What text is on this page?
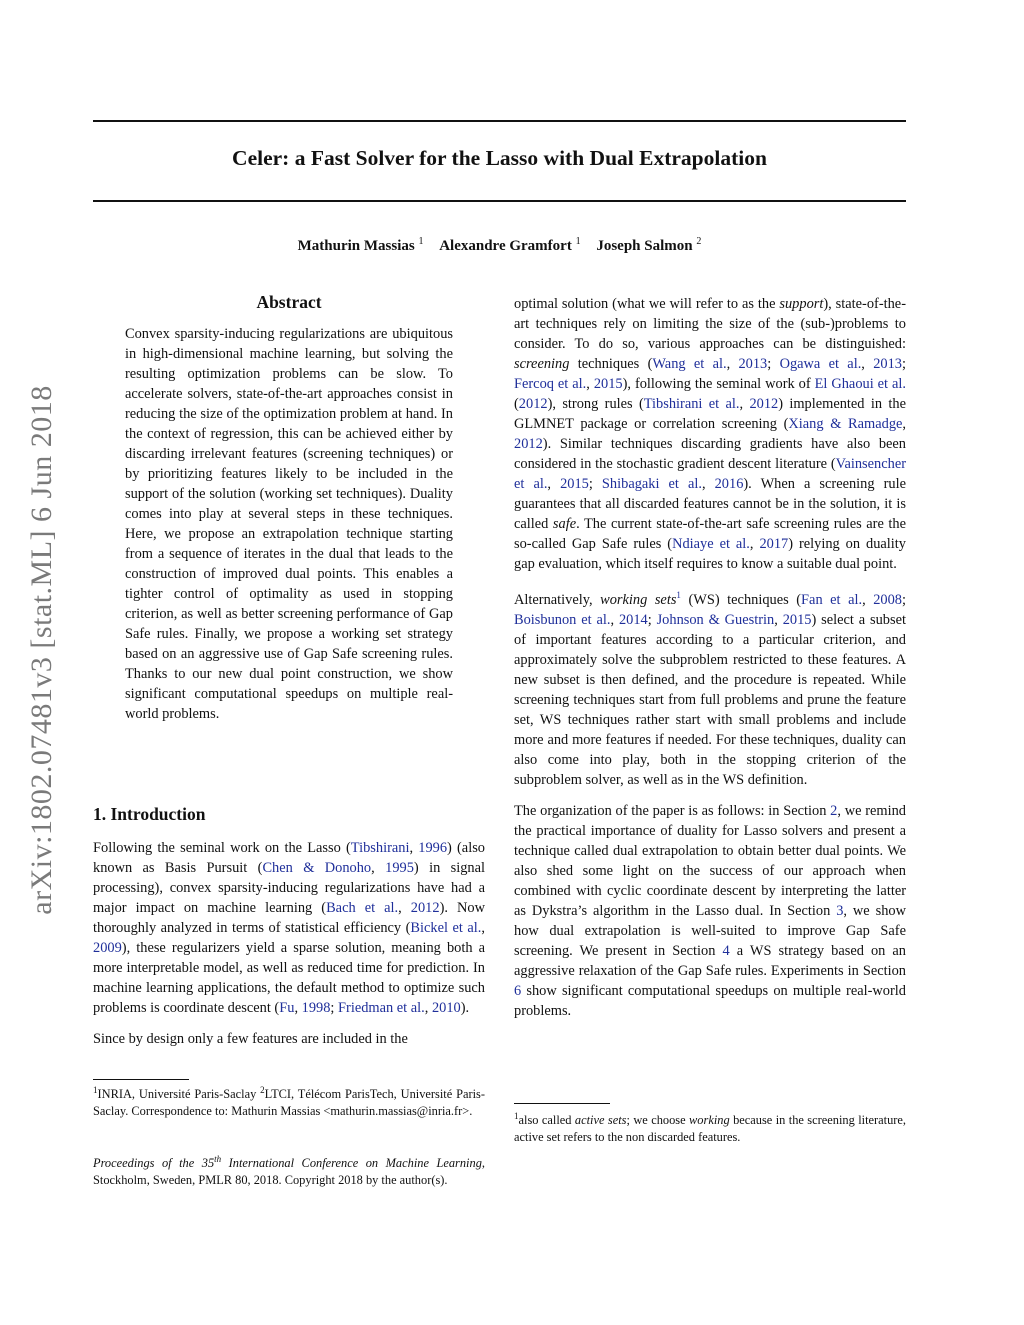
Celer: a Fast Solver for the Lasso with Dual Extrapolation
Mathurin Massias $^1$ Alexandre Gramfort $^1$ Joseph Salmon $^2$
arXiv:1802.07481v3 [stat.ML] 6 Jun 2018
Abstract
Convex sparsity-inducing regularizations are ubiquitous in high-dimensional machine learning, but solving the resulting optimization problems can be slow. To accelerate solvers, state-of-the-art approaches consist in reducing the size of the optimization problem at hand. In the context of regression, this can be achieved either by discarding irrelevant features (screening techniques) or by prioritizing features likely to be included in the support of the solution (working set techniques). Duality comes into play at several steps in these techniques. Here, we propose an extrapolation technique starting from a sequence of iterates in the dual that leads to the construction of improved dual points. This enables a tighter control of optimality as used in stopping criterion, as well as better screening performance of Gap Safe rules. Finally, we propose a working set strategy based on an aggressive use of Gap Safe screening rules. Thanks to our new dual point construction, we show significant computational speedups on multiple real-world problems.
1. Introduction

Following the seminal work on the Lasso (Tibshirani, 1996) (also known as Basis Pursuit (Chen & Donoho, 1995) in signal processing), convex sparsity-inducing regularizations have had a major impact on machine learning (Bach et al., 2012). Now thoroughly analyzed in terms of statistical efficiency (Bickel et al., 2009), these regularizers yield a sparse solution, meaning both a more interpretable model, as well as reduced time for prediction. In machine learning applications, the default method to optimize such problems is coordinate descent (Fu, 1998; Friedman et al., 2010).

Since by design only a few features are included in the

$^1$INRIA, Université Paris-Saclay $^2$LTCI, Télécom ParisTech, Université Paris-Saclay. Correspondence to: Mathurin Massias <mathurin.massias@inria.fr>.
Proceedings of the 35th International Conference on Machine Learning, Stockholm, Sweden, PMLR 80, 2018. Copyright 2018 by the author(s).

optimal solution (what we will refer to as the support), state-of-the-art techniques rely on limiting the size of the (sub-)problems to consider. To do so, various approaches can be distinguished: screening techniques (Wang et al., 2013; Ogawa et al., 2013; Fercoq et al., 2015), following the seminal work of El Ghaoui et al. (2012), strong rules (Tibshirani et al., 2012) implemented in the GLMNET package or correlation screening (Xiang & Ramadge, 2012). Similar techniques discarding gradients have also been considered in the stochastic gradient descent literature (Vainsencher et al., 2015; Shibagaki et al., 2016). When a screening rule guarantees that all discarded features cannot be in the solution, it is called safe. The current state-of-the-art safe screening rules are the so-called Gap Safe rules (Ndiaye et al., 2017) relying on duality gap evaluation, which itself requires to know a suitable dual point.

Alternatively, working sets$^1$ (WS) techniques (Fan et al., 2008; Boisbunon et al., 2014; Johnson & Guestrin, 2015) select a subset of important features according to a particular criterion, and approximately solve the subproblem restricted to these features. A new subset is then defined, and the procedure is repeated. While screening techniques start from full problems and prune the feature set, WS techniques rather start with small problems and include more and more features if needed. For these techniques, duality can also come into play, both in the stopping criterion of the subproblem solver, as well as in the WS definition.

The organization of the paper is as follows: in Section 2, we remind the practical importance of duality for Lasso solvers and present a technique called dual extrapolation to obtain better dual points. We also shed some light on the success of our approach when combined with cyclic coordinate descent by interpreting the latter as Dykstra’s algorithm in the Lasso dual. In Section 3, we show how dual extrapolation is well-suited to improve Gap Safe screening. We present in Section 4 a WS strategy based on an aggressive relaxation of the Gap Safe rules. Experiments in Section 6 show significant computational speedups on multiple real-world problems.

$^1$also called active sets; we choose working because in the screening literature, active set refers to the non discarded features.
